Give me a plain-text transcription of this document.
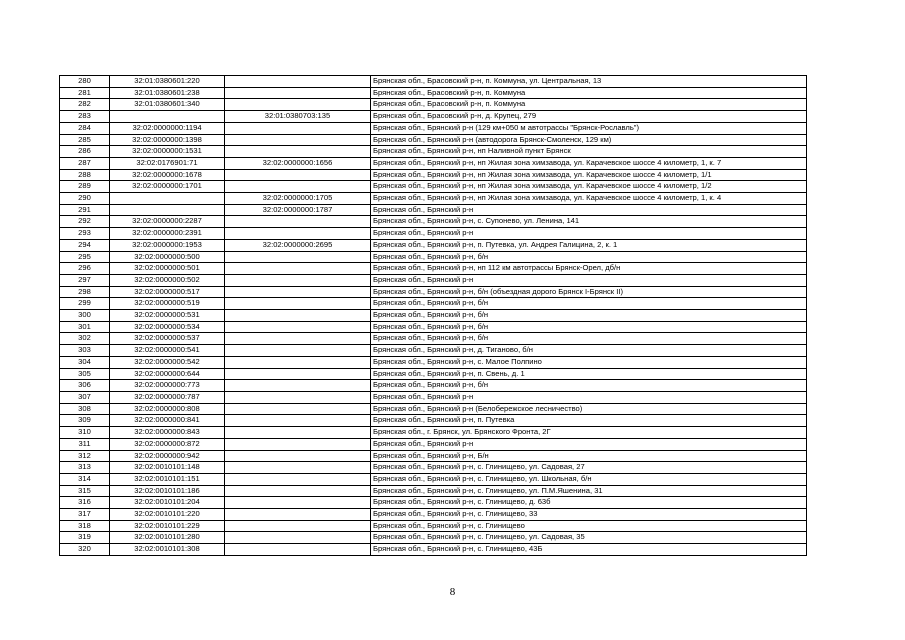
280	32:01:0380601:220		Брянская обл., Брасовский р-н, п. Коммуна, ул. Центральная, 13
281	32:01:0380601:238		Брянская обл., Брасовский р-н, п. Коммуна
282	32:01:0380601:340		Брянская обл., Брасовский р-н, п. Коммуна
283		32:01:0380703:135	Брянская обл., Брасовский р-н, д. Крупец, 279
284	32:02:0000000:1194		Брянская обл., Брянский р-н (129 км+050 м автотрассы "Брянск-Рославль")
285	32:02:0000000:1398		Брянская обл., Брянский р-н (автодорога Брянск-Смоленск, 129 км)
286	32:02:0000000:1531		Брянская обл., Брянский р-н, нп Наливной пункт Брянск
287	32:02:0176901:71	32:02:0000000:1656	Брянская обл., Брянский р-н, нп Жилая зона химзавода, ул. Карачевское шоссе 4 километр, 1, к. 7
288	32:02:0000000:1678		Брянская обл., Брянский р-н, нп Жилая зона химзавода, ул. Карачевское шоссе 4 километр, 1/1
289	32:02:0000000:1701		Брянская обл., Брянский р-н, нп Жилая зона химзавода, ул. Карачевское шоссе 4 километр, 1/2
290		32:02:0000000:1705	Брянская обл., Брянский р-н, нп Жилая зона химзавода, ул. Карачевское шоссе 4 километр, 1, к. 4
291		32:02:0000000:1787	Брянская обл., Брянский р-н
292	32:02:0000000:2287		Брянская обл., Брянский р-н, с. Супонево, ул. Ленина, 141
293	32:02:0000000:2391		Брянская обл., Брянский р-н
294	32:02:0000000:1953	32:02:0000000:2695	Брянская обл., Брянский р-н, п. Путевка, ул. Андрея Галицина, 2, к. 1
295	32:02:0000000:500		Брянская обл., Брянский р-н, б/н
296	32:02:0000000:501		Брянская обл., Брянский р-н, нп 112 км автотрассы Брянск-Орел, дб/н
297	32:02:0000000:502		Брянская обл., Брянский р-н
298	32:02:0000000:517		Брянская обл., Брянский р-н, б/н (объездная дорого Брянск I-Брянск II)
299	32:02:0000000:519		Брянская обл., Брянский р-н, б/н
300	32:02:0000000:531		Брянская обл., Брянский р-н, б/н
301	32:02:0000000:534		Брянская обл., Брянский р-н, б/н
302	32:02:0000000:537		Брянская обл., Брянский р-н, б/н
303	32:02:0000000:541		Брянская обл., Брянский р-н, д. Тиганово, б/н
304	32:02:0000000:542		Брянская обл., Брянский р-н, с. Малое Полпино
305	32:02:0000000:644		Брянская обл., Брянский р-н, п. Свень, д. 1
306	32:02:0000000:773		Брянская обл., Брянский р-н, б/н
307	32:02:0000000:787		Брянская обл., Брянский р-н
308	32:02:0000000:808		Брянская обл., Брянский р-н (Белобережское лесничество)
309	32:02:0000000:841		Брянская обл., Брянский р-н, п. Путевка
310	32:02:0000000:843		Брянская обл., г. Брянск, ул. Брянского Фронта, 2Г
311	32:02:0000000:872		Брянская обл., Брянский р-н
312	32:02:0000000:942		Брянская обл., Брянский р-н, Б/н
313	32:02:0010101:148		Брянская обл., Брянский р-н, с. Глинищево, ул. Садовая, 27
314	32:02:0010101:151		Брянская обл., Брянский р-н, с. Глинищево, ул. Школьная, б/н
315	32:02:0010101:186		Брянская обл., Брянский р-н, с. Глинищево, ул. П.М.Яшенина, 31
316	32:02:0010101:204		Брянская обл., Брянский р-н, с. Глинищево, д. 63б
317	32:02:0010101:220		Брянская обл., Брянский р-н, с. Глинищево, 33
318	32:02:0010101:229		Брянская обл., Брянский р-н, с. Глинищево
319	32:02:0010101:280		Брянская обл., Брянский р-н, с. Глинищево, ул. Садовая, 35
320	32:02:0010101:308		Брянская обл., Брянский р-н, с. Глинищево, 43Б
8
